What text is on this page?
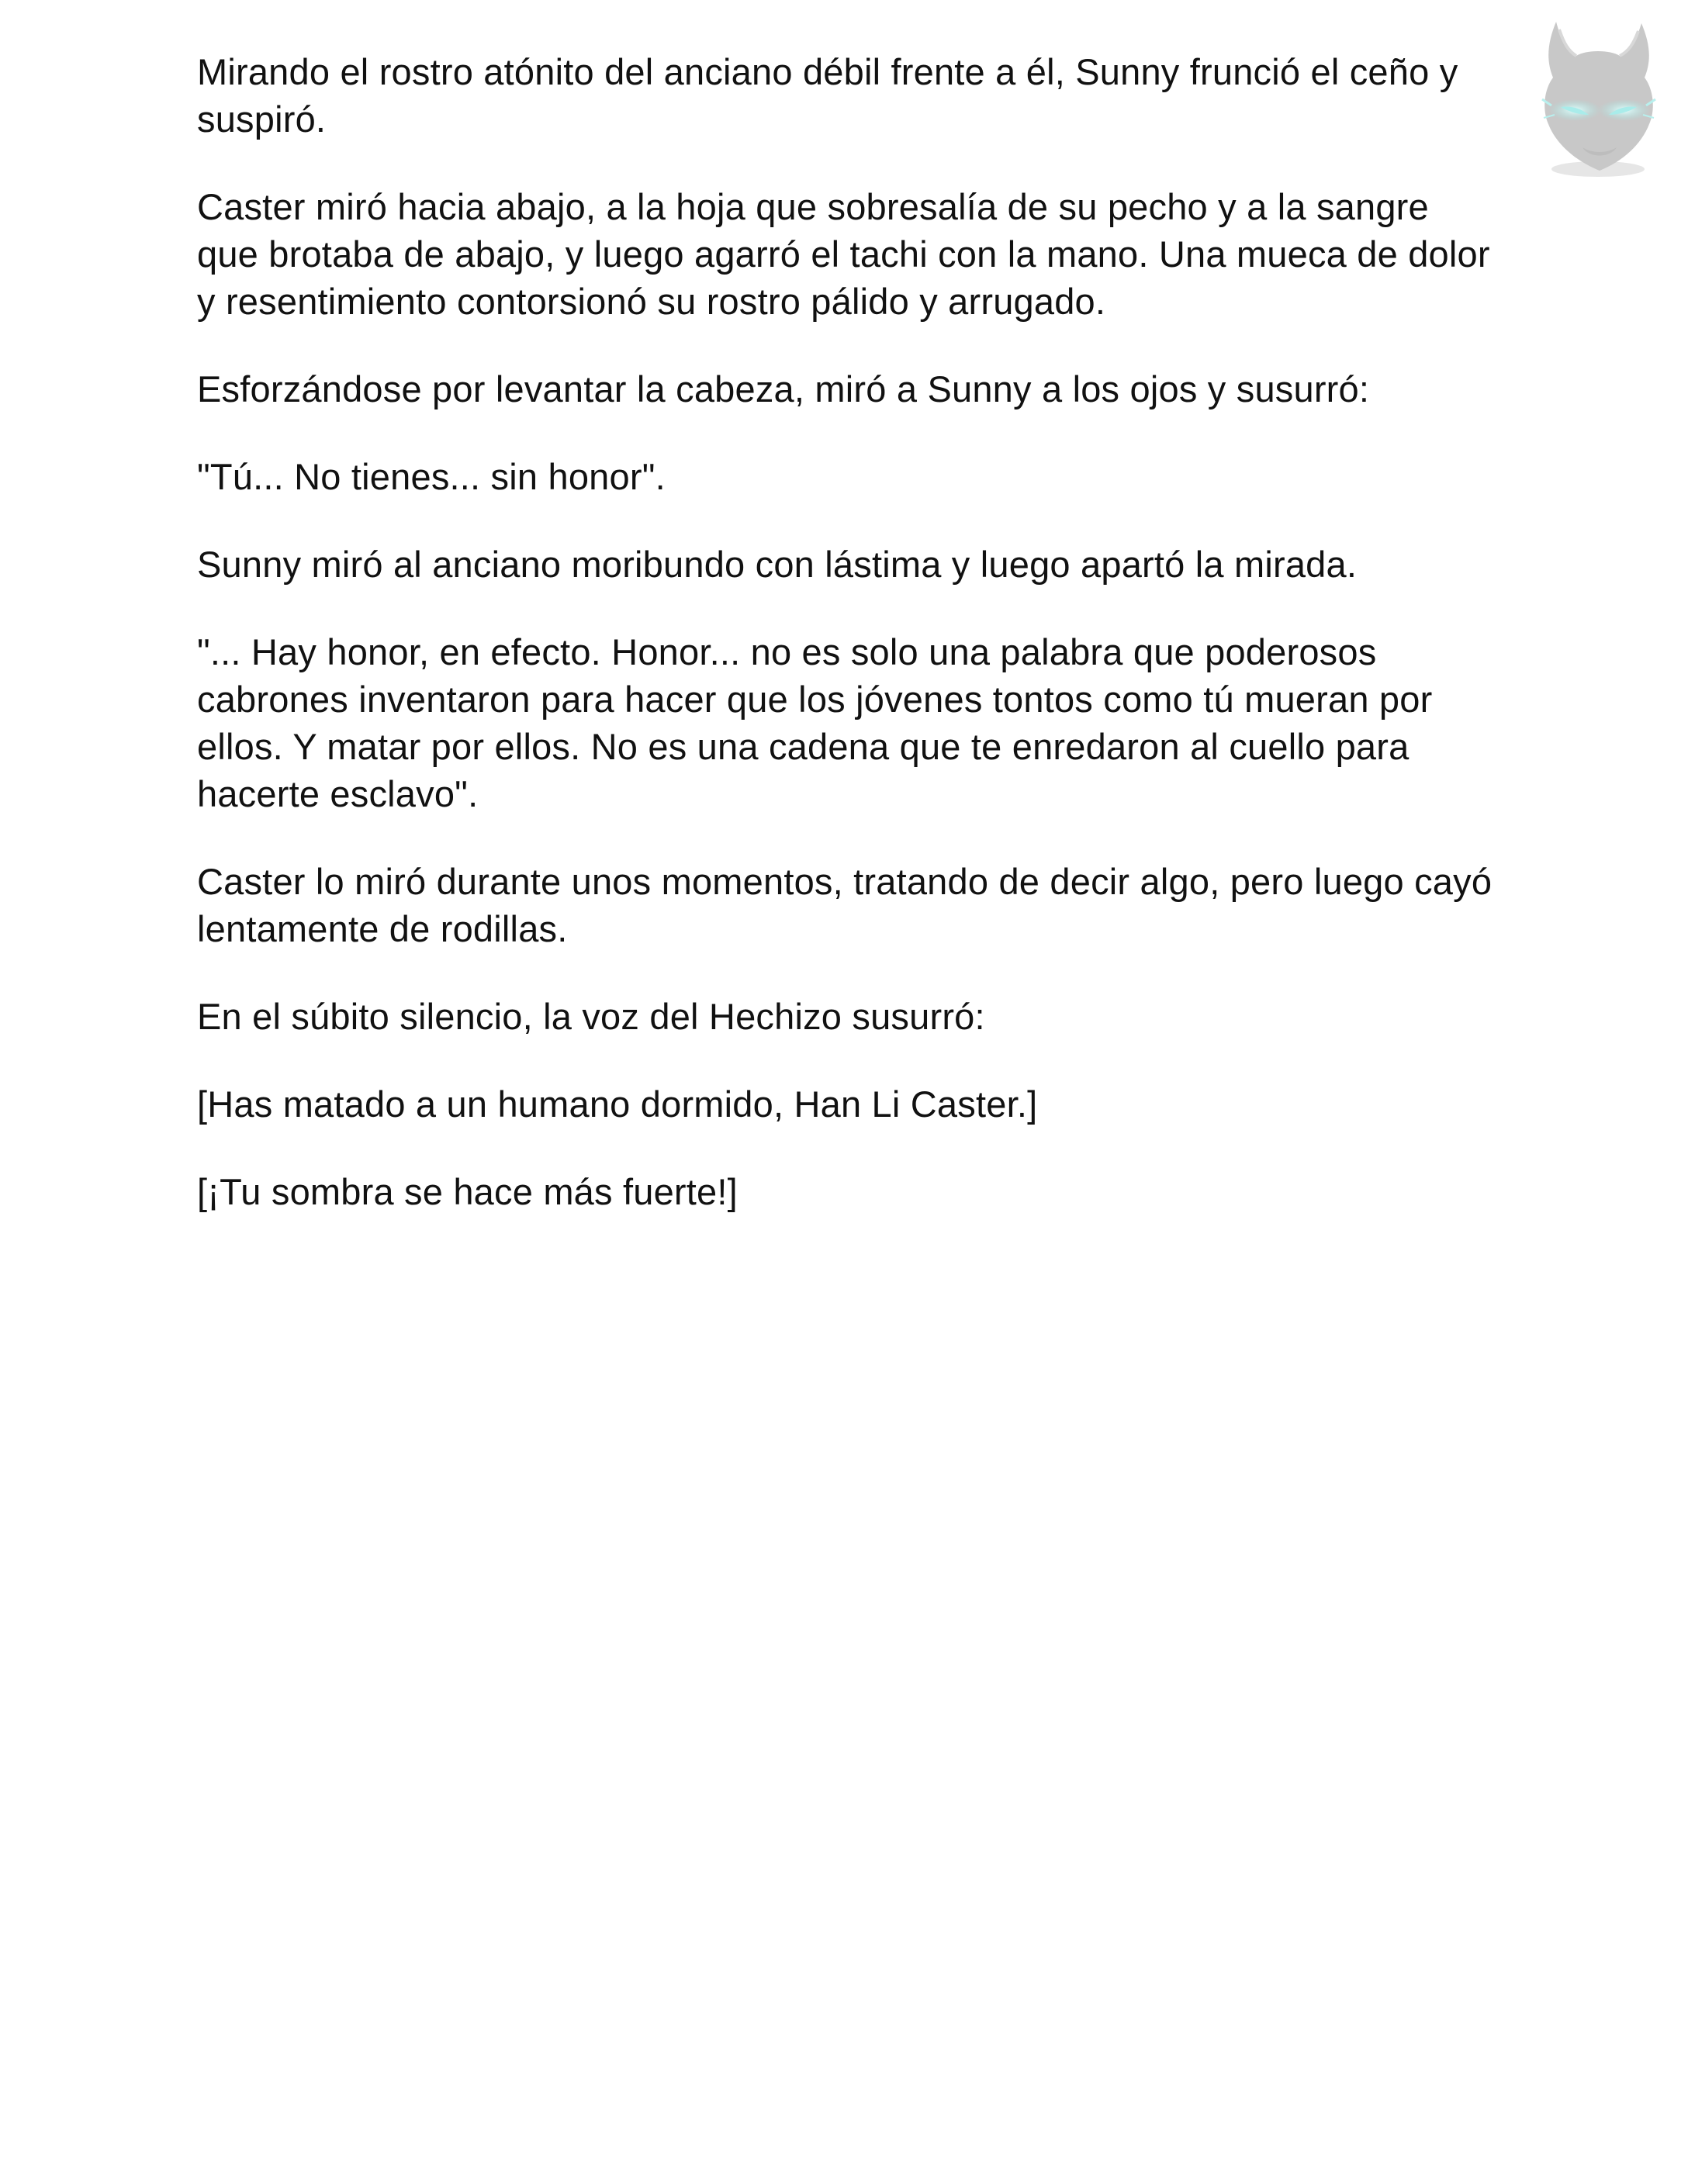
Mirando el rostro atónito del anciano débil frente a él, Sunny frunció el ceño y suspiró.

Caster miró hacia abajo, a la hoja que sobresalía de su pecho y a la sangre que brotaba de abajo, y luego agarró el tachi con la mano. Una mueca de dolor y resentimiento contorsionó su rostro pálido y arrugado.

Esforzándose por levantar la cabeza, miró a Sunny a los ojos y susurró:

"Tú... No tienes... sin honor".

Sunny miró al anciano moribundo con lástima y luego apartó la mirada.

"... Hay honor, en efecto. Honor... no es solo una palabra que poderosos cabrones inventaron para hacer que los jóvenes tontos como tú mueran por ellos. Y matar por ellos. No es una cadena que te enredaron al cuello para hacerte esclavo".

Caster lo miró durante unos momentos, tratando de decir algo, pero luego cayó lentamente de rodillas.

En el súbito silencio, la voz del Hechizo susurró:

[Has matado a un humano dormido, Han Li Caster.]

[¡Tu sombra se hace más fuerte!]
